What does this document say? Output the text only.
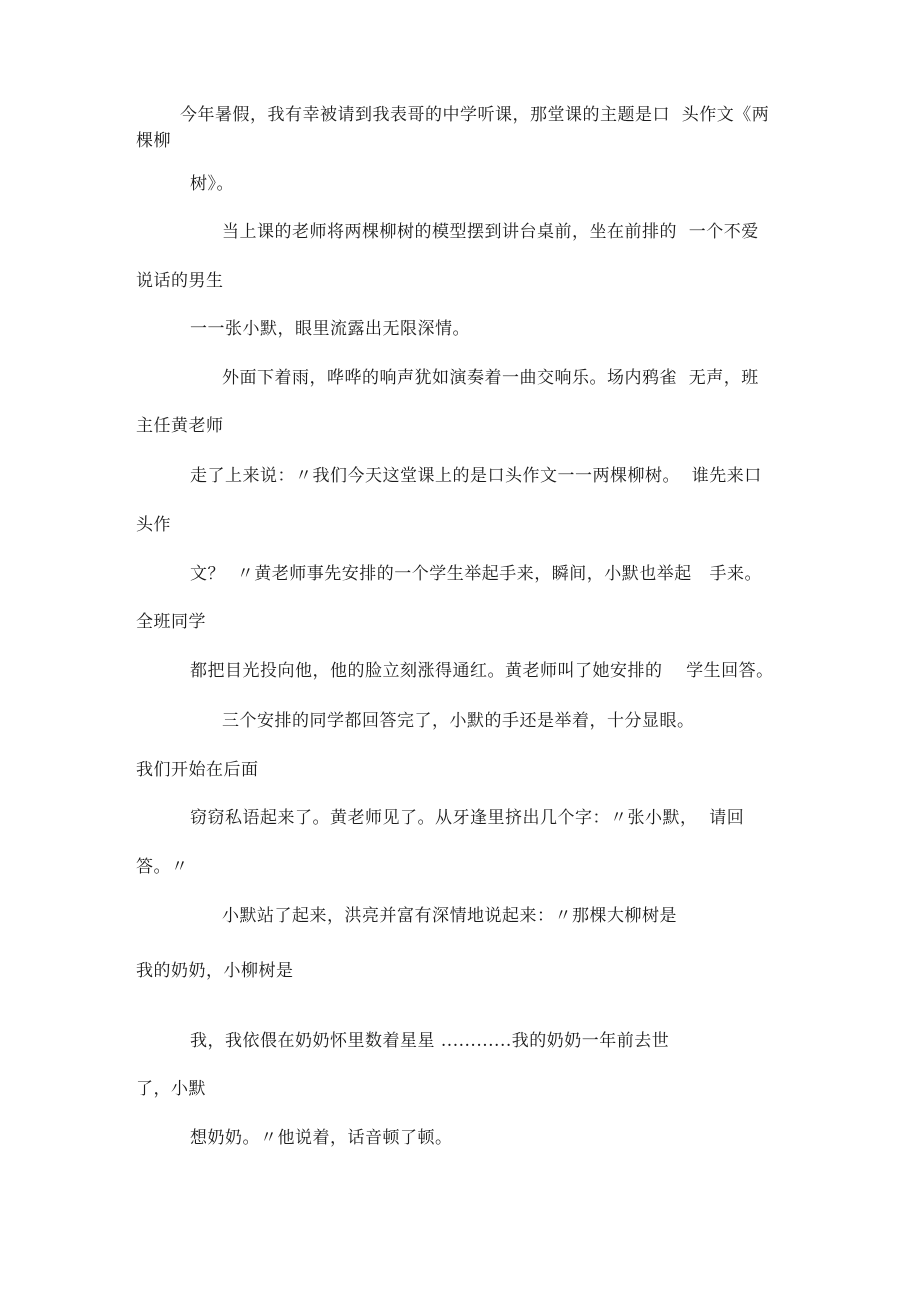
今年暑假，我有幸被请到我表哥的中学听课，那堂课的主题是口  头作文《两
棵柳
树》。
当上课的老师将两棵柳树的模型摆到讲台桌前，坐在前排的  一个不爱
说话的男生
一一张小默，眼里流露出无限深情。
外面下着雨，哗哗的响声犹如演奏着一曲交响乐。场内鸦雀  无声，班
主任黄老师
走了上来说：〃我们今天这堂课上的是口头作文一一两棵柳树。  谁先来口
头作
文？  〃黄老师事先安排的一个学生举起手来，瞬间，小默也举起   手来。
全班同学
都把目光投向他，他的脸立刻涨得通红。黄老师叫了她安排的    学生回答。
三个安排的同学都回答完了，小默的手还是举着，十分显眼。
我们开始在后面
窃窃私语起来了。黄老师见了。从牙逢里挤出几个字：〃张小默，  请回
答。〃
小默站了起来，洪亮并富有深情地说起来：〃那棵大柳树是
我的奶奶，小柳树是
我，我依偎在奶奶怀里数着星星 ............我的奶奶一年前去世
了，小默
想奶奶。〃他说着，话音顿了顿。
